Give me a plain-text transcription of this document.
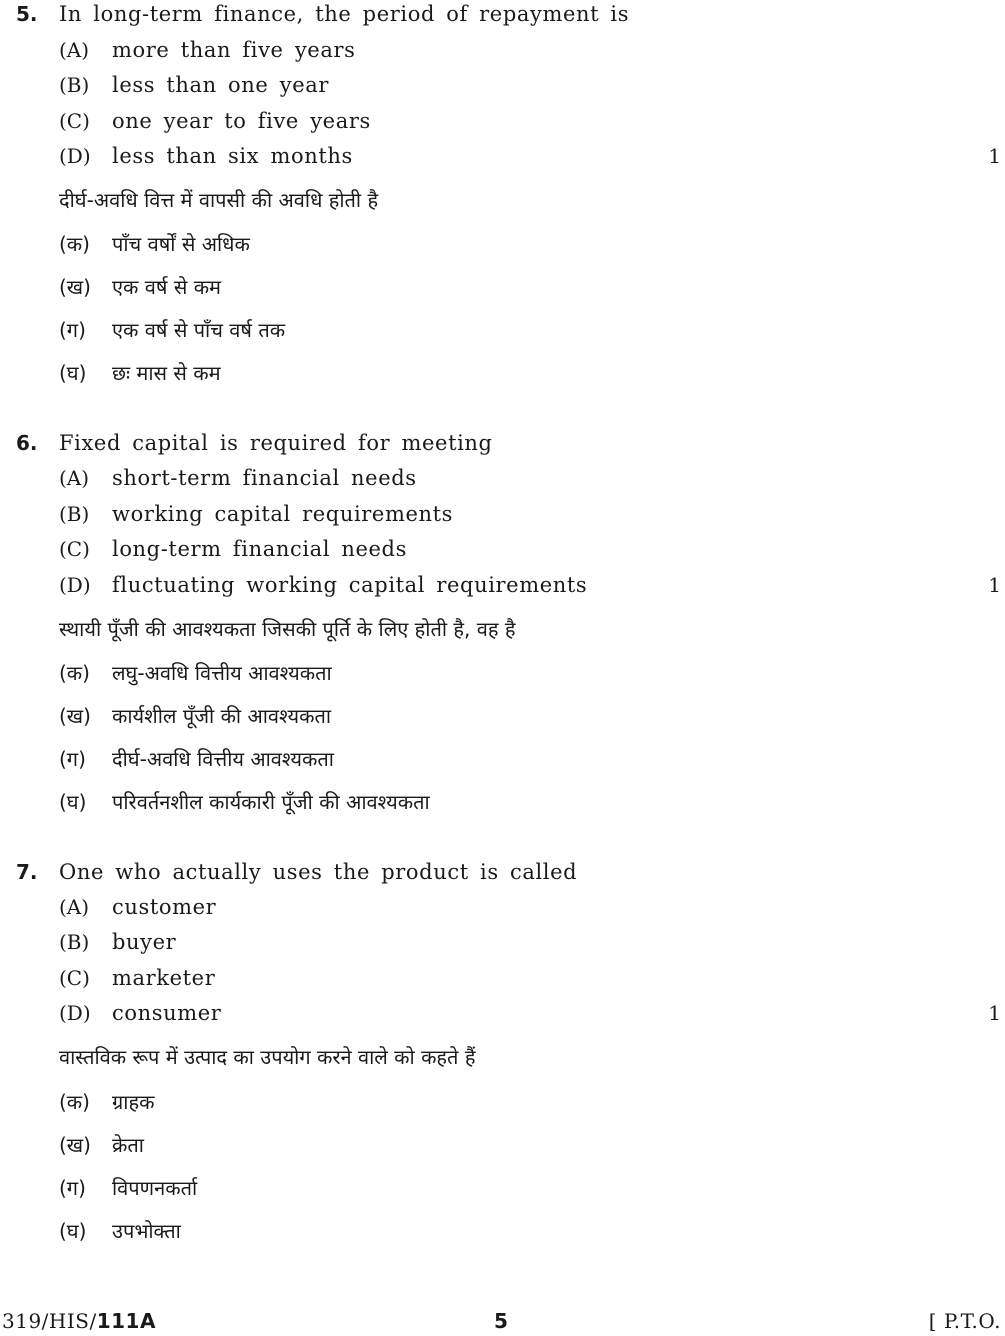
5. In long-term finance, the period of repayment is
(A) more than five years
(B) less than one year
(C) one year to five years
(D) less than six months	1
दीर्घ-अवधि वित्त में वापसी की अवधि होती है
(क) पाँच वर्षों से अधिक
(ख) एक वर्ष से कम
(ग) एक वर्ष से पाँच वर्ष तक
(घ) छः मास से कम
6. Fixed capital is required for meeting
(A) short-term financial needs
(B) working capital requirements
(C) long-term financial needs
(D) fluctuating working capital requirements	1
स्थायी पूँजी की आवश्यकता जिसकी पूर्ति के लिए होती है, वह है
(क) लघु-अवधि वित्तीय आवश्यकता
(ख) कार्यशील पूँजी की आवश्यकता
(ग) दीर्घ-अवधि वित्तीय आवश्यकता
(घ) परिवर्तनशील कार्यकारी पूँजी की आवश्यकता
7. One who actually uses the product is called
(A) customer
(B) buyer
(C) marketer
(D) consumer	1
वास्तविक रूप में उत्पाद का उपयोग करने वाले को कहते हैं
(क) ग्राहक
(ख) क्रेता
(ग) विपणनकर्ता
(घ) उपभोक्ता
319/HIS/111A	5	[ P.T.O.
